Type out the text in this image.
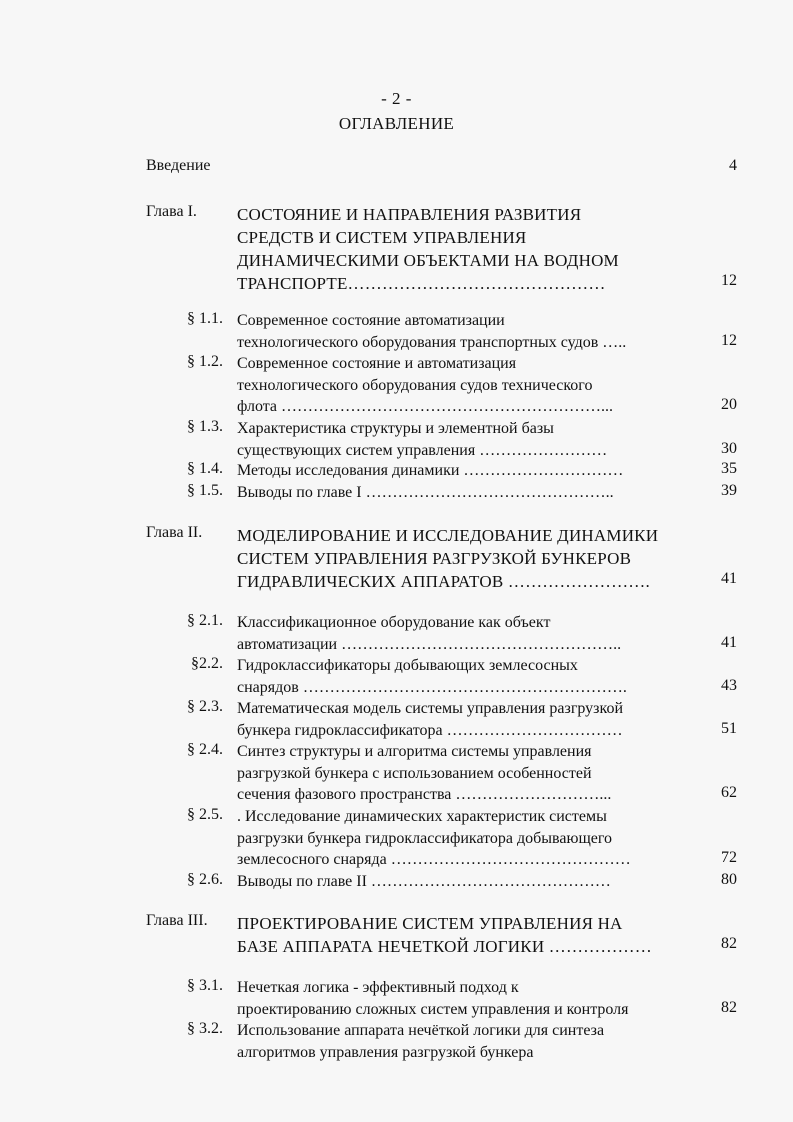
- 2 -
ОГЛАВЛЕНИЕ
Введение	4
Глава I. СОСТОЯНИЕ И НАПРАВЛЕНИЯ РАЗВИТИЯ
СРЕДСТВ И СИСТЕМ УПРАВЛЕНИЯ
ДИНАМИЧЕСКИМИ ОБЪЕКТАМИ НА ВОДНОМ
ТРАНСПОРТЕ………………………………………	12
§ 1.1. Современное состояние автоматизации
технологического оборудования транспортных судов …..	12
§ 1.2. Современное состояние и автоматизация
технологического оборудования судов технического
флота ……………………………………………………...	20
§ 1.3. Характеристика структуры и элементной базы
существующих систем управления ……………………	30
§ 1.4. Методы исследования динамики …………………………	35
§ 1.5. Выводы по главе I ………………………………………..	39
Глава II. МОДЕЛИРОВАНИЕ И ИССЛЕДОВАНИЕ ДИНАМИКИ
СИСТЕМ УПРАВЛЕНИЯ РАЗГРУЗКОЙ БУНКЕРОВ
ГИДРАВЛИЧЕСКИХ АППАРАТОВ …………………….	41
§ 2.1. Классификационное оборудование как объект
автоматизации ……………………………………………..	41
§2.2. Гидроклассификаторы добывающих землесосных
снарядов …………………………………………………….	43
§ 2.3. Математическая модель системы управления разгрузкой
бункера гидроклассификатора ……………………………	51
§ 2.4. Синтез структуры и алгоритма системы управления
разгрузкой бункера с использованием особенностей
сечения фазового пространства ………………………...	62
§ 2.5. . Исследование динамических характеристик системы
разгрузки бункера гидроклассификатора добывающего
землесосного снаряда ………………………………………	72
§ 2.6. Выводы по главе II ………………………………………	80
Глава III. ПРОЕКТИРОВАНИЕ СИСТЕМ УПРАВЛЕНИЯ НА
БАЗЕ АППАРАТА НЕЧЕТКОЙ ЛОГИКИ ………………	82
§ 3.1. Нечеткая логика - эффективный подход к
проектированию сложных систем управления и контроля	82
§ 3.2. Использование аппарата нечёткой логики для синтеза
алгоритмов управления разгрузкой бункера
